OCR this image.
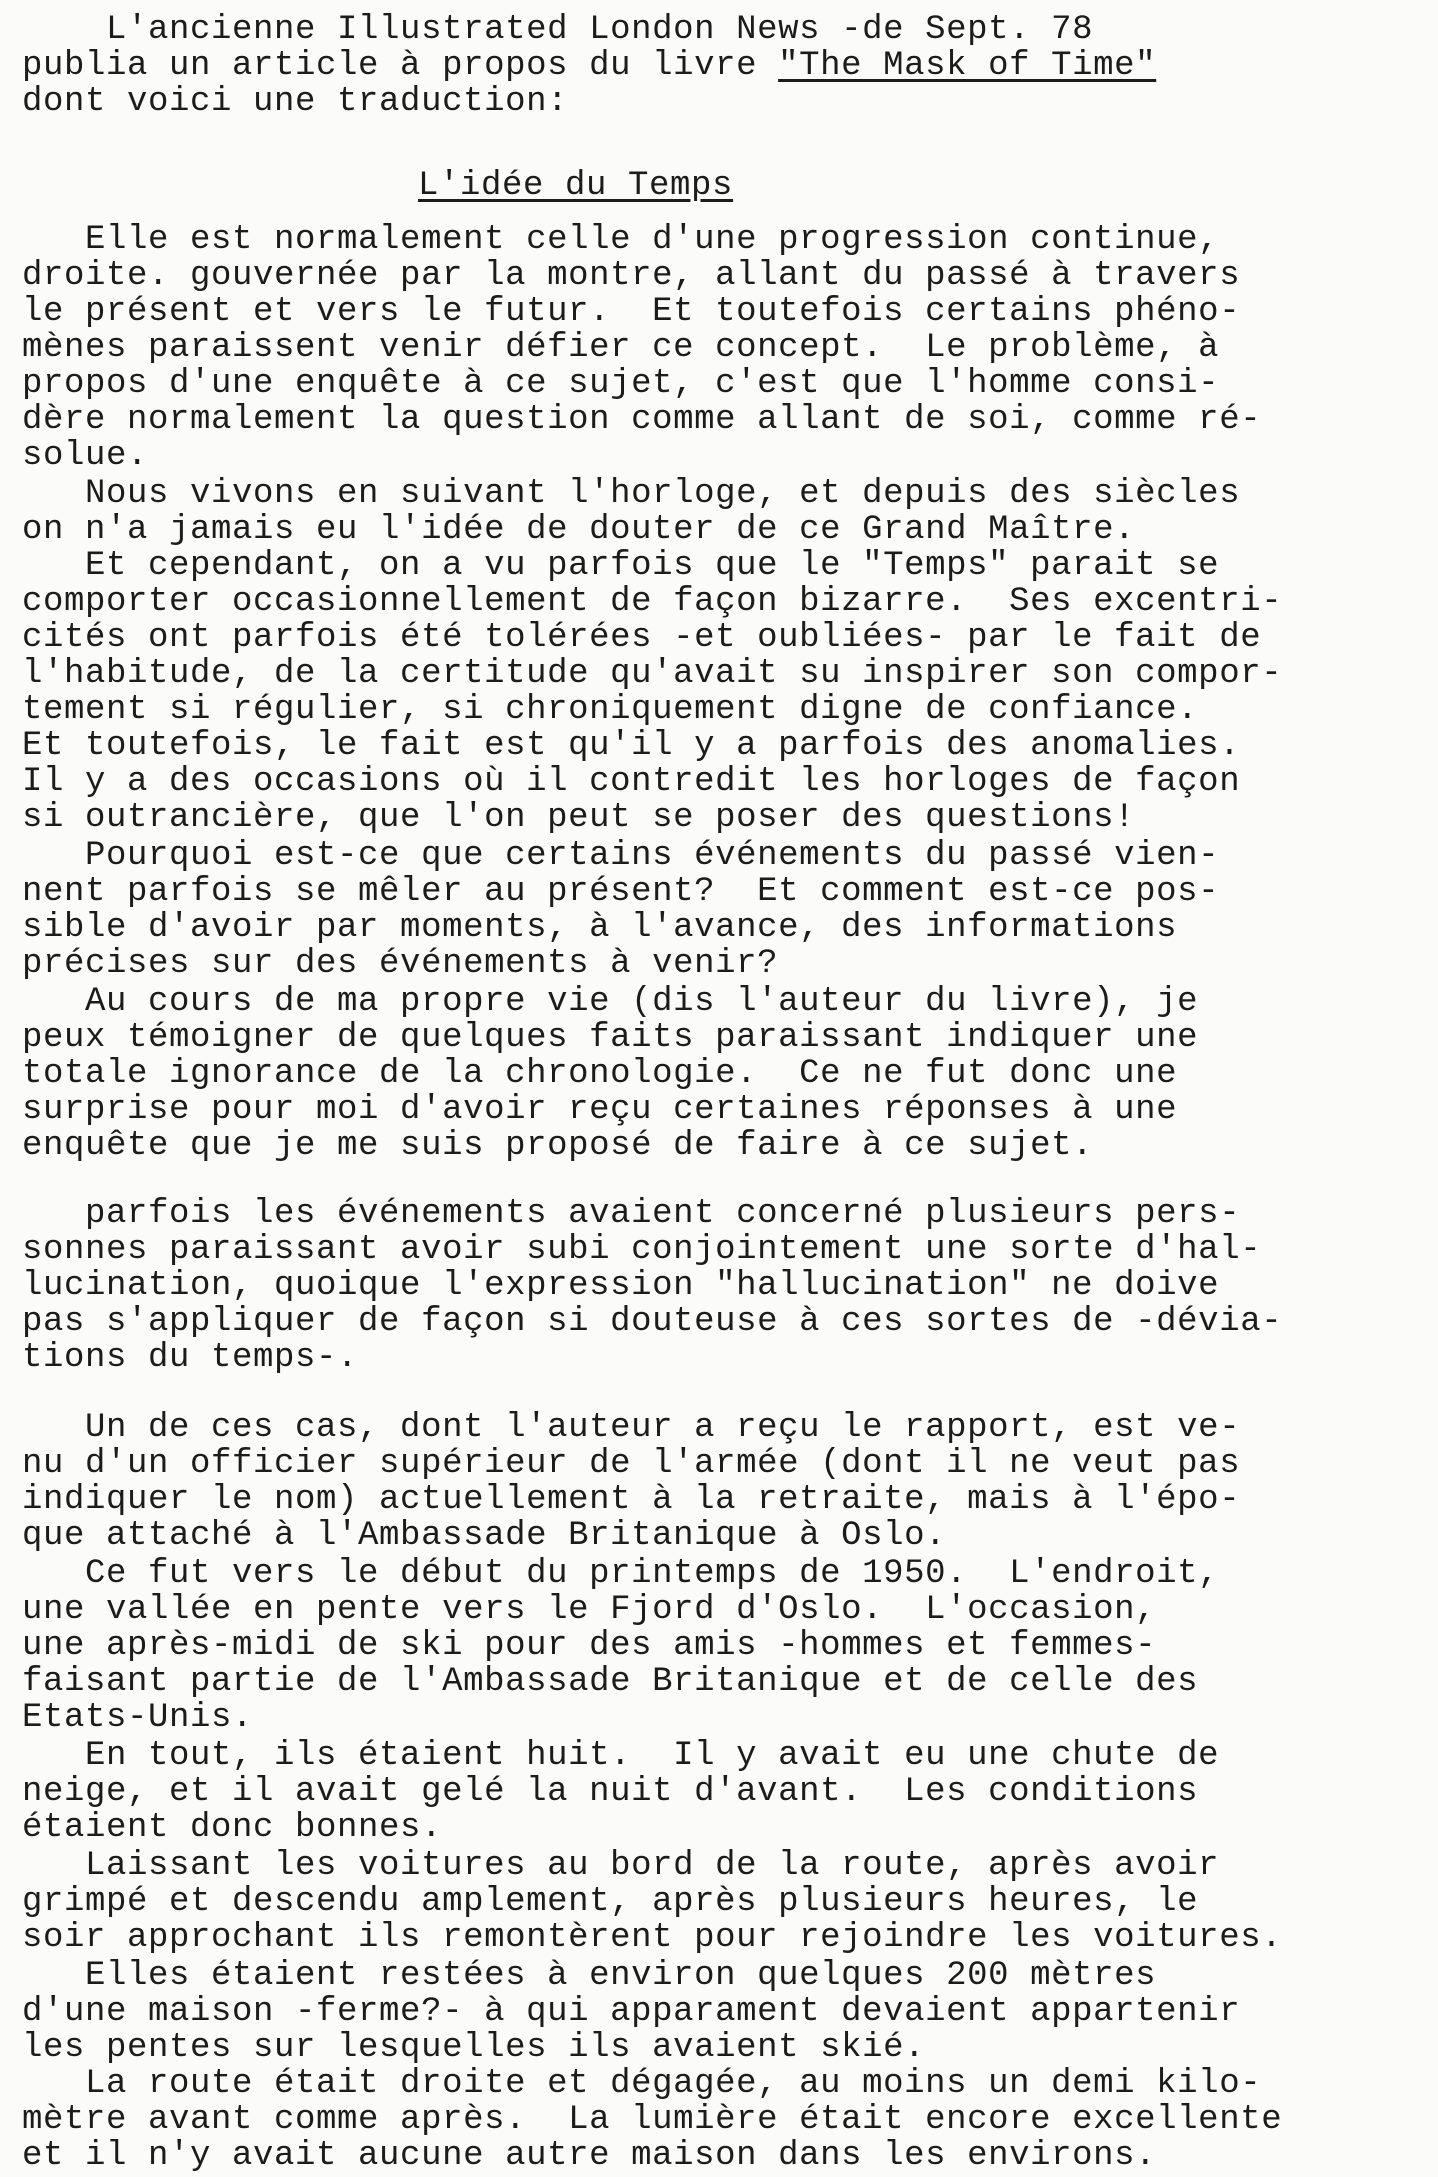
L'ancienne Illustrated London News -de Sept. 78
publia un article à propos du livre "The Mask of Time"
dont voici une traduction:
L'idée du Temps
Elle est normalement celle d'une progression continue,
droite. gouvernée par la montre, allant du passé à travers
le présent et vers le futur.  Et toutefois certains phéno-
mènes paraissent venir défier ce concept.  Le problème, à
propos d'une enquête à ce sujet, c'est que l'homme consi-
dère normalement la question comme allant de soi, comme ré-
solue.
Nous vivons en suivant l'horloge, et depuis des siècles
on n'a jamais eu l'idée de douter de ce Grand Maître.
Et cependant, on a vu parfois que le "Temps" parait se
comporter occasionnellement de façon bizarre.  Ses excentri-
cités ont parfois été tolérées -et oubliées- par le fait de
l'habitude, de la certitude qu'avait su inspirer son compor-
tement si régulier, si chroniquement digne de confiance.
Et toutefois, le fait est qu'il y a parfois des anomalies.
Il y a des occasions où il contredit les horloges de façon
si outrancière, que l'on peut se poser des questions!
Pourquoi est-ce que certains événements du passé vien-
nent parfois se mêler au présent?  Et comment est-ce pos-
sible d'avoir par moments, à l'avance, des informations
précises sur des événements à venir?
Au cours de ma propre vie (dis l'auteur du livre), je
peux témoigner de quelques faits paraissant indiquer une
totale ignorance de la chronologie.  Ce ne fut donc une
surprise pour moi d'avoir reçu certaines réponses à une
enquête que je me suis proposé de faire à ce sujet.
parfois les événements avaient concerné plusieurs pers-
sonnes paraissant avoir subi conjointement une sorte d'hal-
lucination, quoique l'expression "hallucination" ne doive
pas s'appliquer de façon si douteuse à ces sortes de -dévia-
tions du temps-.
Un de ces cas, dont l'auteur a reçu le rapport, est ve-
nu d'un officier supérieur de l'armée (dont il ne veut pas
indiquer le nom) actuellement à la retraite, mais à l'épo-
que attaché à l'Ambassade Britanique à Oslo.
Ce fut vers le début du printemps de 1950.  L'endroit,
une vallée en pente vers le Fjord d'Oslo.  L'occasion,
une après-midi de ski pour des amis -hommes et femmes-
faisant partie de l'Ambassade Britanique et de celle des
Etats-Unis.
En tout, ils étaient huit.  Il y avait eu une chute de
neige, et il avait gelé la nuit d'avant.  Les conditions
étaient donc bonnes.
Laissant les voitures au bord de la route, après avoir
grimpé et descendu amplement, après plusieurs heures, le
soir approchant ils remontèrent pour rejoindre les voitures.
Elles étaient restées à environ quelques 200 mètres
d'une maison -ferme?- à qui apparament devaient appartenir
les pentes sur lesquelles ils avaient skié.
La route était droite et dégagée, au moins un demi kilo-
mètre avant comme après.  La lumière était encore excellente
et il n'y avait aucune autre maison dans les environs.
